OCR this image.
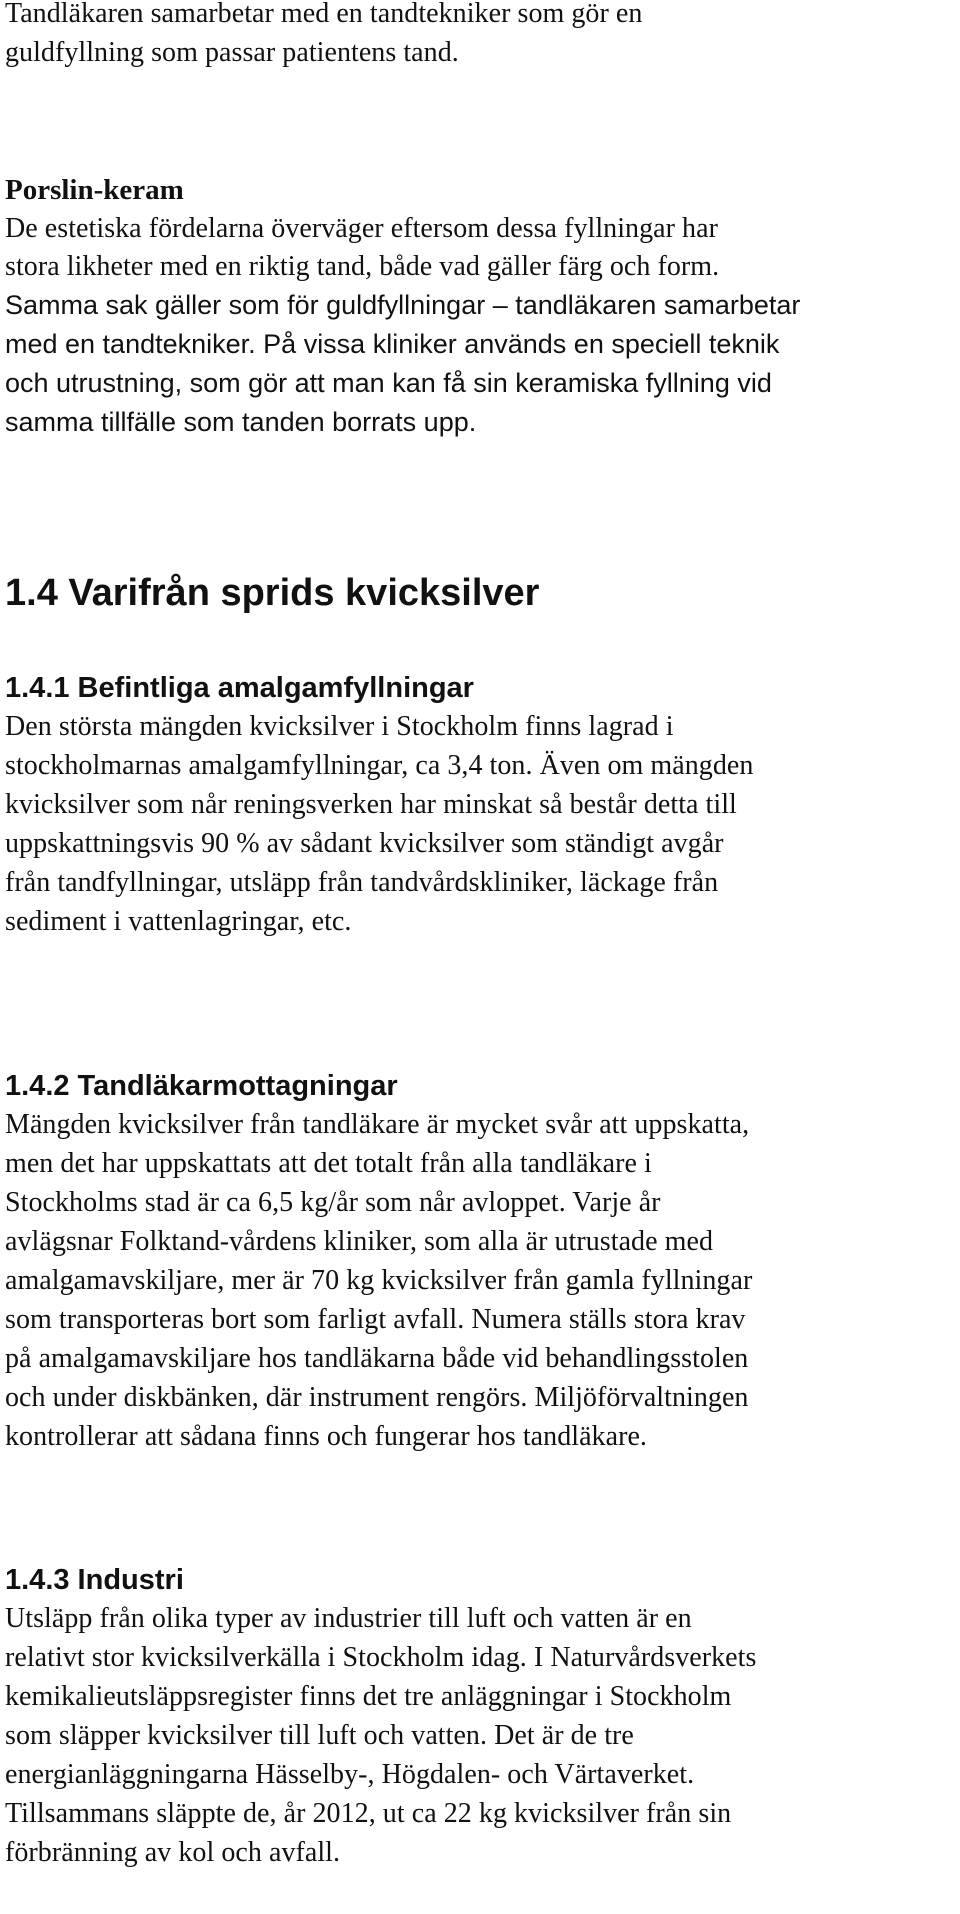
Tandläkaren samarbetar med en tandtekniker som gör en
guldfyllning som passar patientens tand.
Porslin-keram
De estetiska fördelarna överväger eftersom dessa fyllningar har
stora likheter med en riktig tand, både vad gäller färg och form.
Samma sak gäller som för guldfyllningar – tandläkaren samarbetar
med en tandtekniker. På vissa kliniker används en speciell teknik
och utrustning, som gör att man kan få sin keramiska fyllning vid
samma tillfälle som tanden borrats upp.
1.4 Varifrån sprids kvicksilver
1.4.1 Befintliga amalgamfyllningar
Den största mängden kvicksilver i Stockholm finns lagrad i
stockholmarnas amalgamfyllningar, ca 3,4 ton. Även om mängden
kvicksilver som når reningsverken har minskat så består detta till
uppskattningsvis 90 % av sådant kvicksilver som ständigt avgår
från tandfyllningar, utsläpp från tandvårdskliniker, läckage från
sediment i vattenlagringar, etc.
1.4.2 Tandläkarmottagningar
Mängden kvicksilver från tandläkare är mycket svår att uppskatta,
men det har uppskattats att det totalt från alla tandläkare i
Stockholms stad är ca 6,5 kg/år som når avloppet. Varje år
avlägsnar Folktand-vårdens kliniker, som alla är utrustade med
amalgamavskiljare, mer är 70 kg kvicksilver från gamla fyllningar
som transporteras bort som farligt avfall. Numera ställs stora krav
på amalgamavskiljare hos tandläkarna både vid behandlingsstolen
och under diskbänken, där instrument rengörs. Miljöförvaltningen
kontrollerar att sådana finns och fungerar hos tandläkare.
1.4.3 Industri
Utsläpp från olika typer av industrier till luft och vatten är en
relativt stor kvicksilverkälla i Stockholm idag. I Naturvårdsverkets
kemikalieutsläppsregister finns det tre anläggningar i Stockholm
som släpper kvicksilver till luft och vatten. Det är de tre
energianläggningarna Hässelby-, Högdalen- och Värtaverket.
Tillsammans släppte de, år 2012, ut ca 22 kg kvicksilver från sin
förbränning av kol och avfall.
